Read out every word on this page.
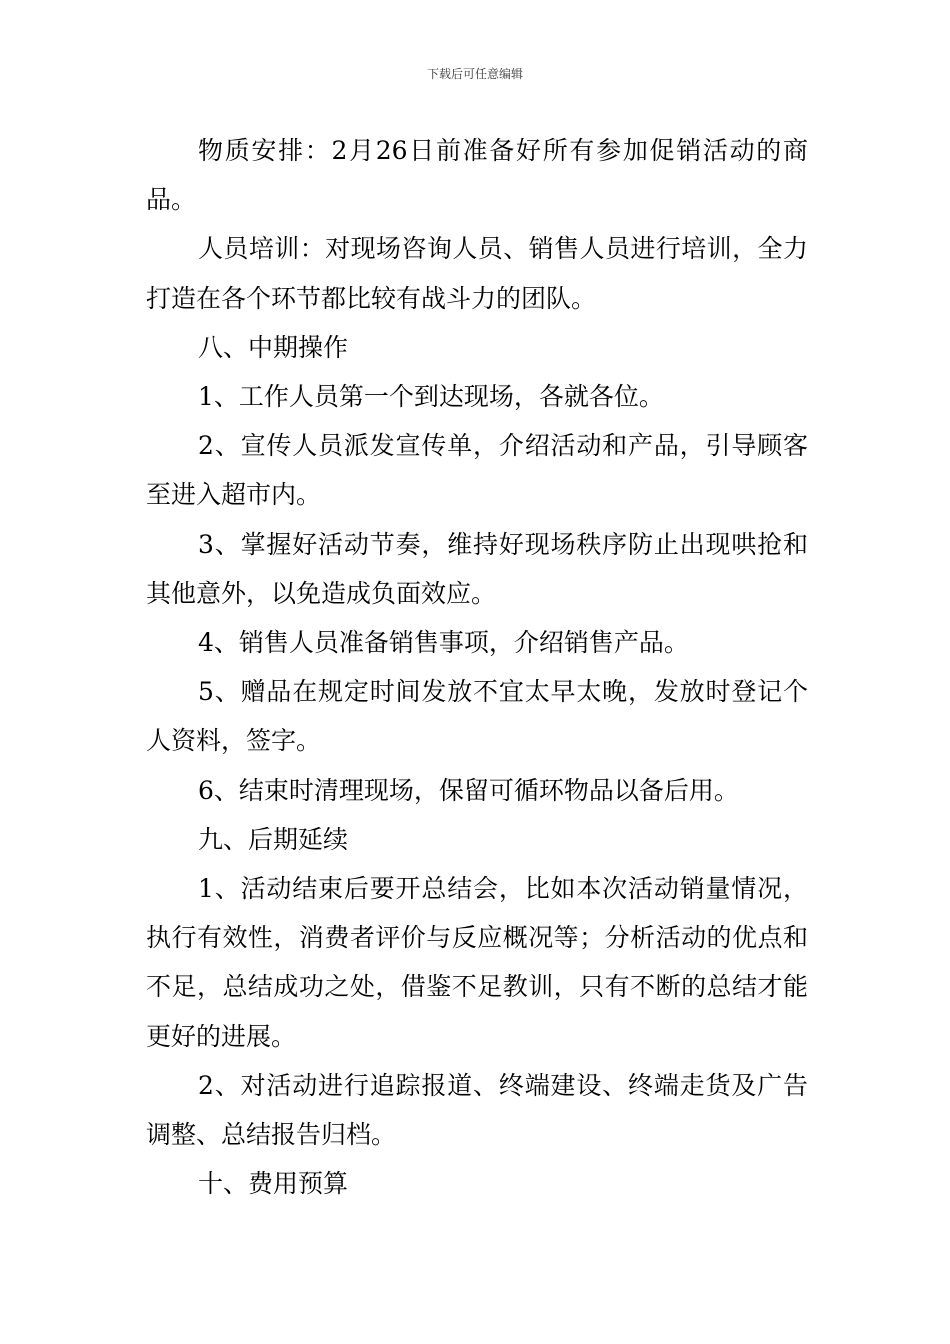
下载后可任意编辑

物质安排：2月26日前准备好所有参加促销活动的商品。

人员培训：对现场咨询人员、销售人员进行培训，全力打造在各个环节都比较有战斗力的团队。

八、中期操作

1、工作人员第一个到达现场，各就各位。

2、宣传人员派发宣传单，介绍活动和产品，引导顾客至进入超市内。

3、掌握好活动节奏，维持好现场秩序防止出现哄抢和其他意外，以免造成负面效应。

4、销售人员准备销售事项，介绍销售产品。

5、赠品在规定时间发放不宜太早太晚，发放时登记个人资料，签字。

6、结束时清理现场，保留可循环物品以备后用。

九、后期延续

1、活动结束后要开总结会，比如本次活动销量情况，执行有效性，消费者评价与反应概况等；分析活动的优点和不足，总结成功之处，借鉴不足教训，只有不断的总结才能更好的进展。

2、对活动进行追踪报道、终端建设、终端走货及广告调整、总结报告归档。

十、费用预算
